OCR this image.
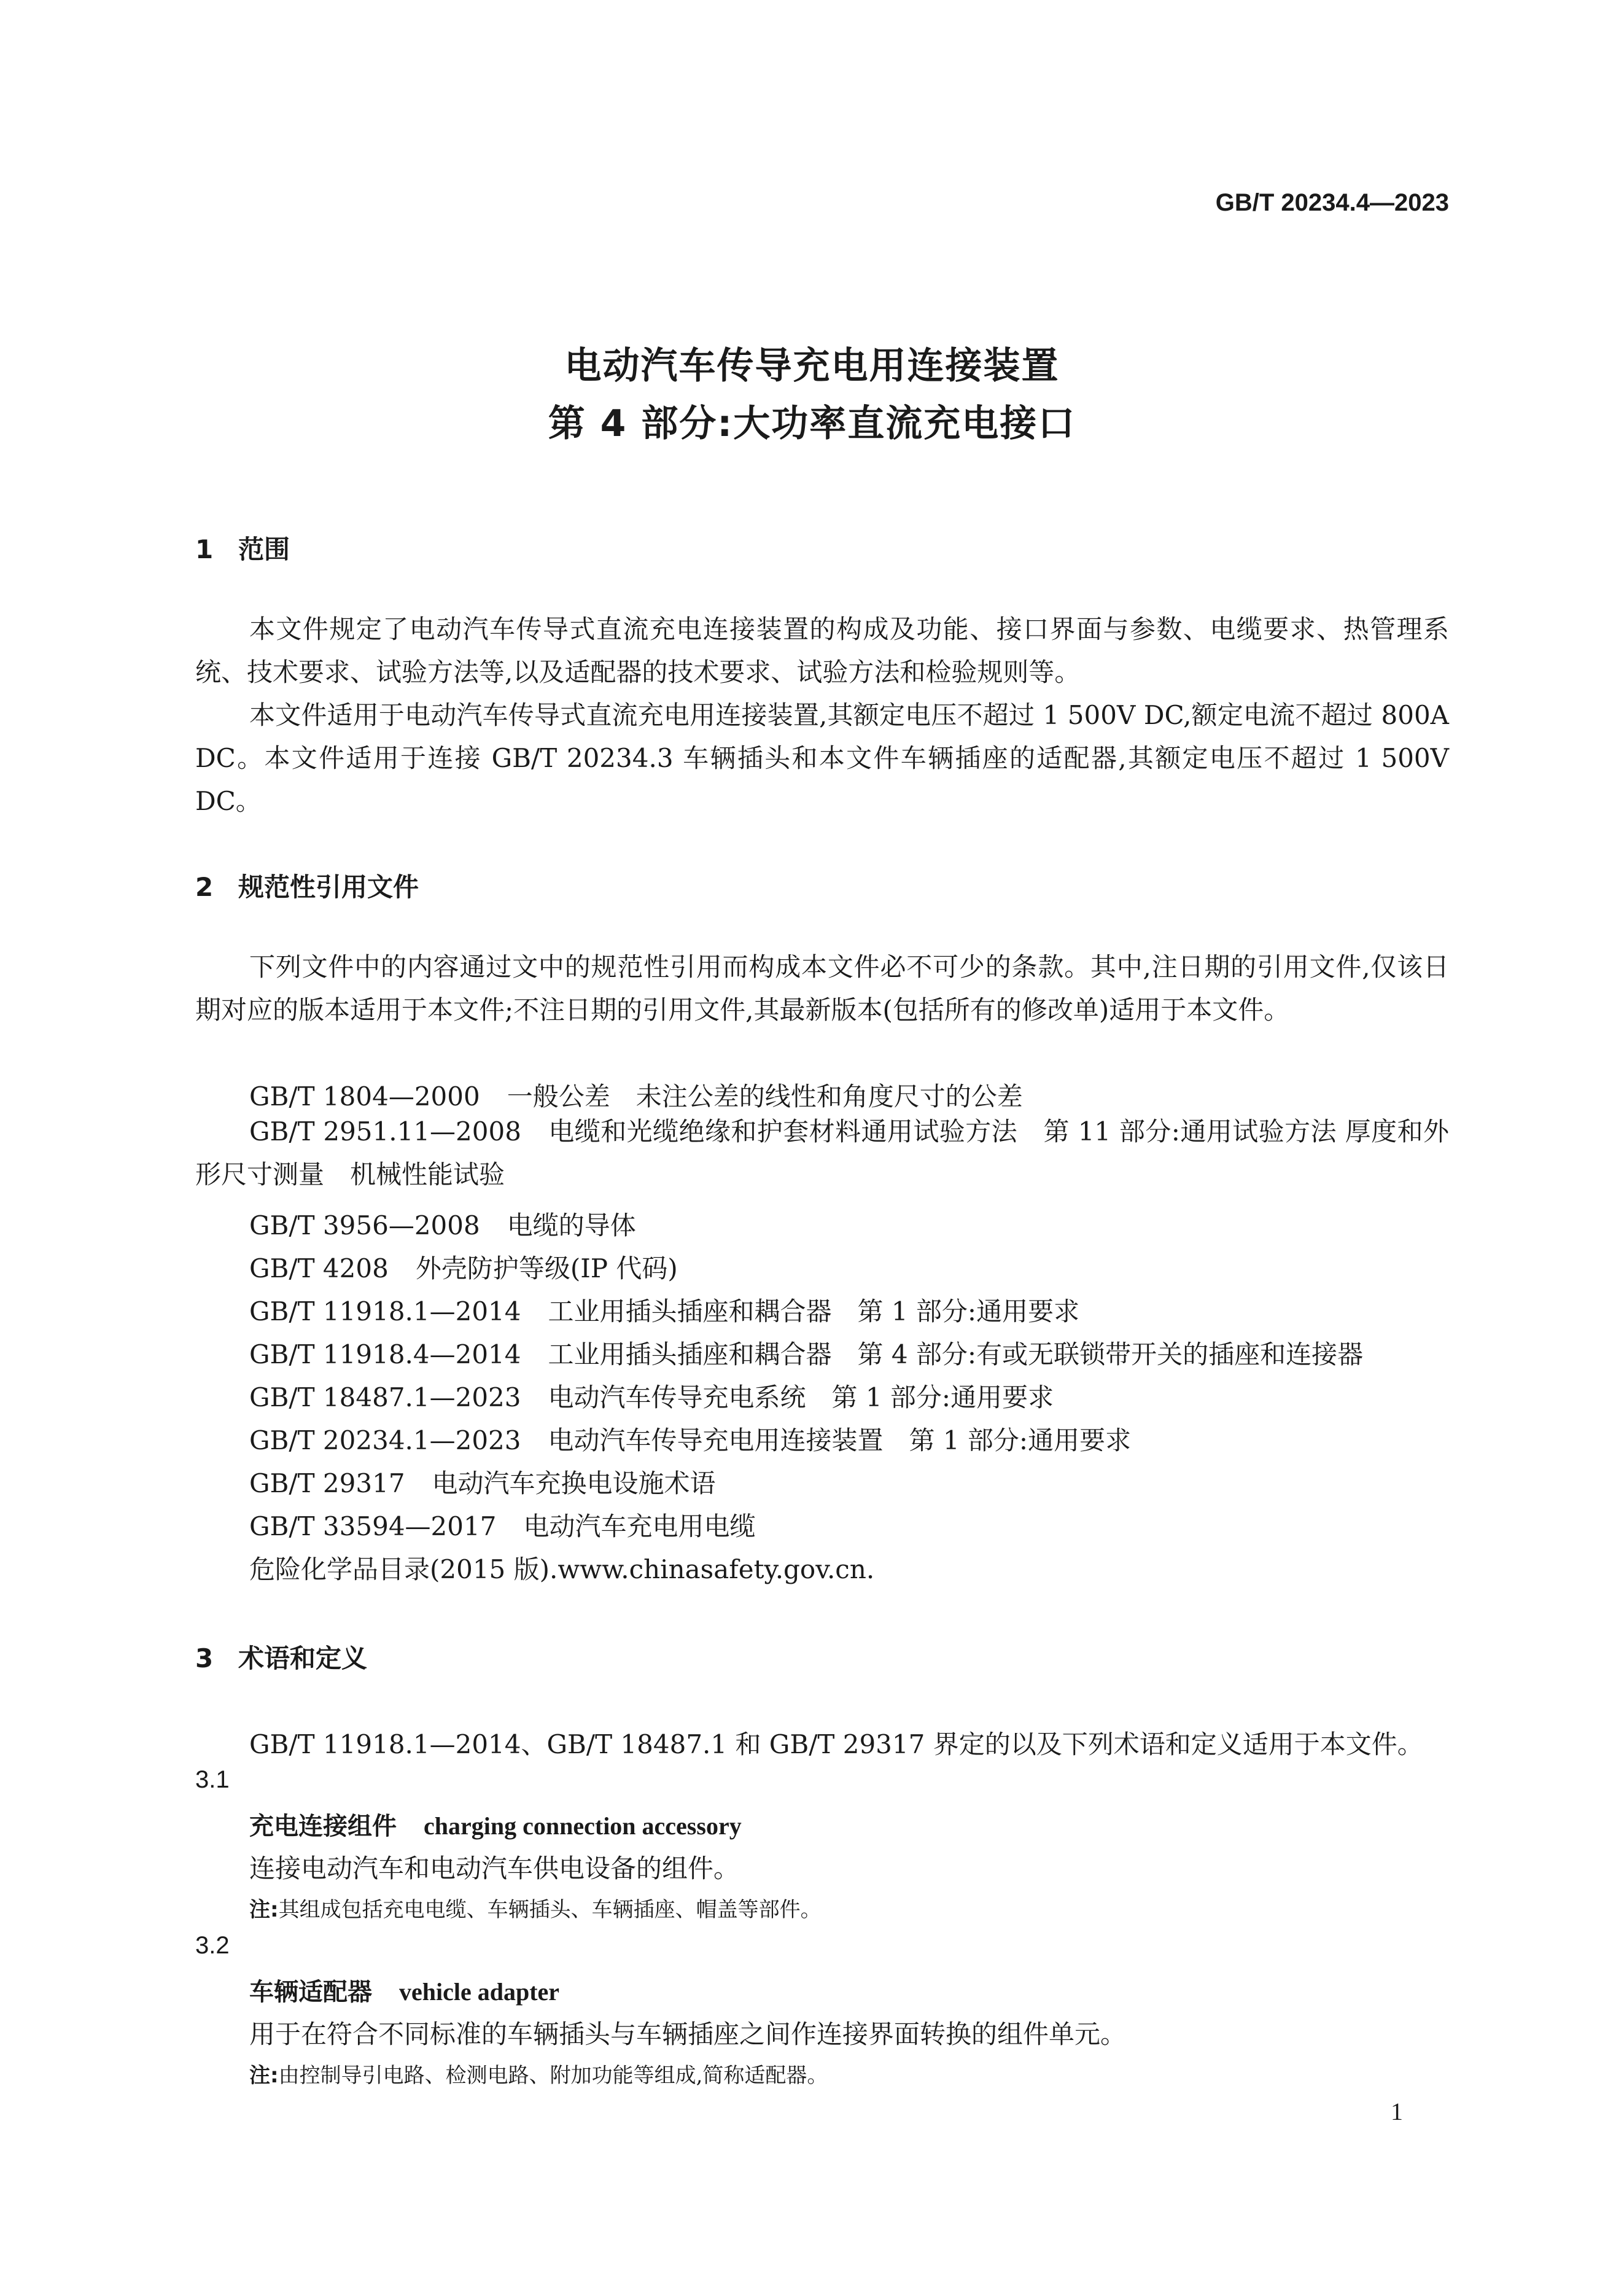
GB/T 20234.4—2023
电动汽车传导充电用连接装置
第 4 部分:大功率直流充电接口
1 范围
本文件规定了电动汽车传导式直流充电连接装置的构成及功能、接口界面与参数、电缆要求、热管理系统、技术要求、试验方法等,以及适配器的技术要求、试验方法和检验规则等。
本文件适用于电动汽车传导式直流充电用连接装置,其额定电压不超过 1 500V DC,额定电流不超过 800A DC。本文件适用于连接 GB/T 20234.3 车辆插头和本文件车辆插座的适配器,其额定电压不超过 1 500V DC。
2 规范性引用文件
下列文件中的内容通过文中的规范性引用而构成本文件必不可少的条款。其中,注日期的引用文件,仅该日期对应的版本适用于本文件;不注日期的引用文件,其最新版本(包括所有的修改单)适用于本文件。
GB/T 1804—2000 一般公差　未注公差的线性和角度尺寸的公差
GB/T 2951.11—2008 电缆和光缆绝缘和护套材料通用试验方法　第 11 部分:通用试验方法 厚度和外形尺寸测量　机械性能试验
GB/T 3956—2008 电缆的导体
GB/T 4208 外壳防护等级(IP 代码)
GB/T 11918.1—2014 工业用插头插座和耦合器　第 1 部分:通用要求
GB/T 11918.4—2014 工业用插头插座和耦合器　第 4 部分:有或无联锁带开关的插座和连接器
GB/T 18487.1—2023 电动汽车传导充电系统　第 1 部分:通用要求
GB/T 20234.1—2023 电动汽车传导充电用连接装置　第 1 部分:通用要求
GB/T 29317 电动汽车充换电设施术语
GB/T 33594—2017 电动汽车充电用电缆
危险化学品目录(2015 版).www.chinasafety.gov.cn.
3 术语和定义
GB/T 11918.1—2014、GB/T 18487.1 和 GB/T 29317 界定的以及下列术语和定义适用于本文件。
3.1
充电连接组件 charging connection accessory
连接电动汽车和电动汽车供电设备的组件。
注:其组成包括充电电缆、车辆插头、车辆插座、帽盖等部件。
3.2
车辆适配器 vehicle adapter
用于在符合不同标准的车辆插头与车辆插座之间作连接界面转换的组件单元。
注:由控制导引电路、检测电路、附加功能等组成,简称适配器。
1
